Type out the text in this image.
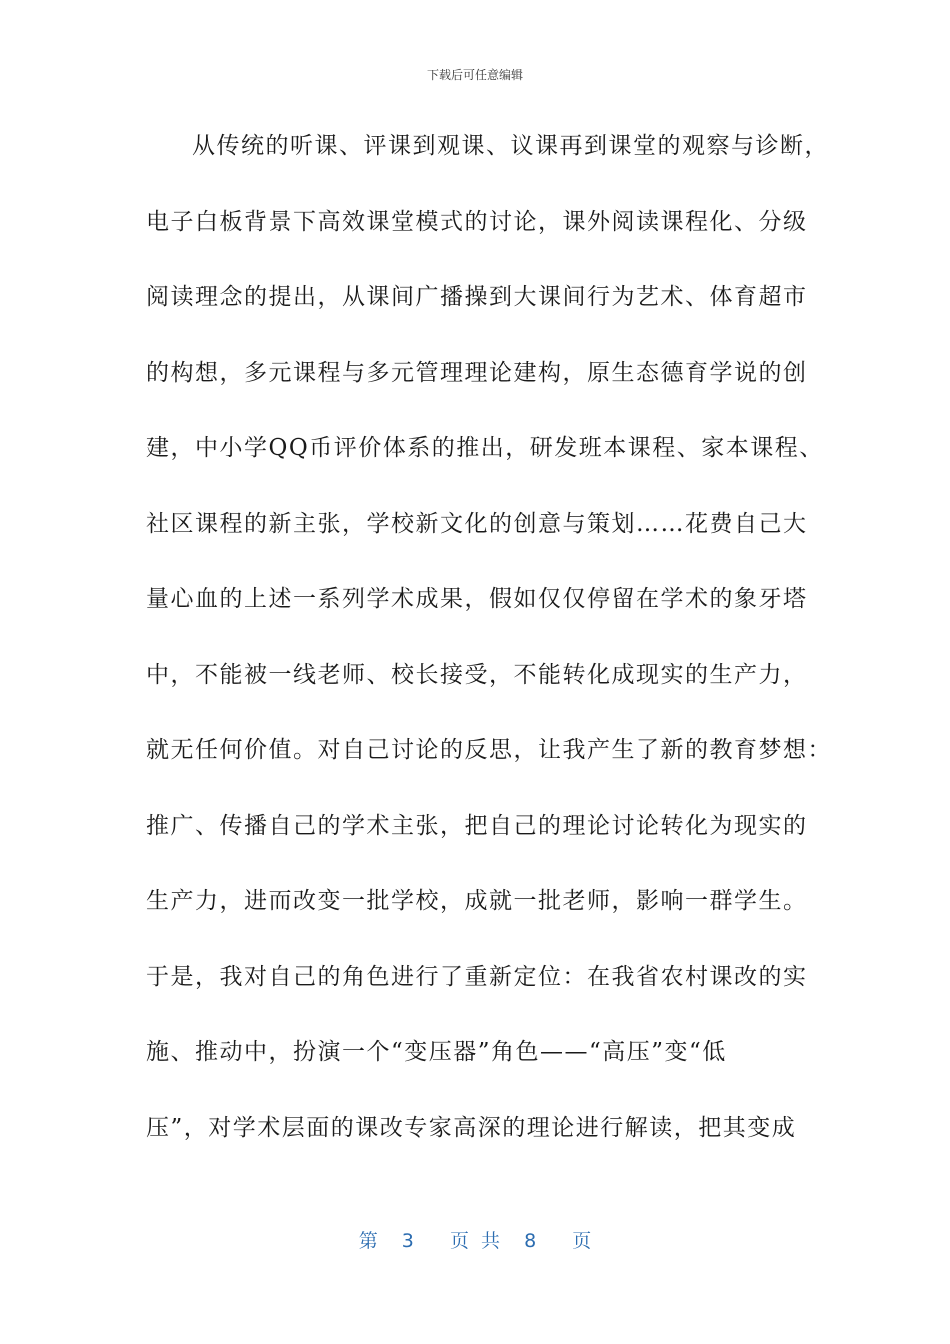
下载后可任意编辑
从传统的听课、评课到观课、议课再到课堂的观察与诊断，
电子白板背景下高效课堂模式的讨论，课外阅读课程化、分级
阅读理念的提出，从课间广播操到大课间行为艺术、体育超市
的构想，多元课程与多元管理理论建构，原生态德育学说的创
建，中小学QQ币评价体系的推出，研发班本课程、家本课程、
社区课程的新主张，学校新文化的创意与策划……花费自己大
量心血的上述一系列学术成果，假如仅仅停留在学术的象牙塔
中，不能被一线老师、校长接受，不能转化成现实的生产力，
就无任何价值。对自己讨论的反思，让我产生了新的教育梦想：
推广、传播自己的学术主张，把自己的理论讨论转化为现实的
生产力，进而改变一批学校，成就一批老师，影响一群学生。
于是，我对自己的角色进行了重新定位：在我省农村课改的实
施、推动中，扮演一个“变压器”角色——“高压”变“低
压”，对学术层面的课改专家高深的理论进行解读，把其变成
第  3   页 共  8   页
